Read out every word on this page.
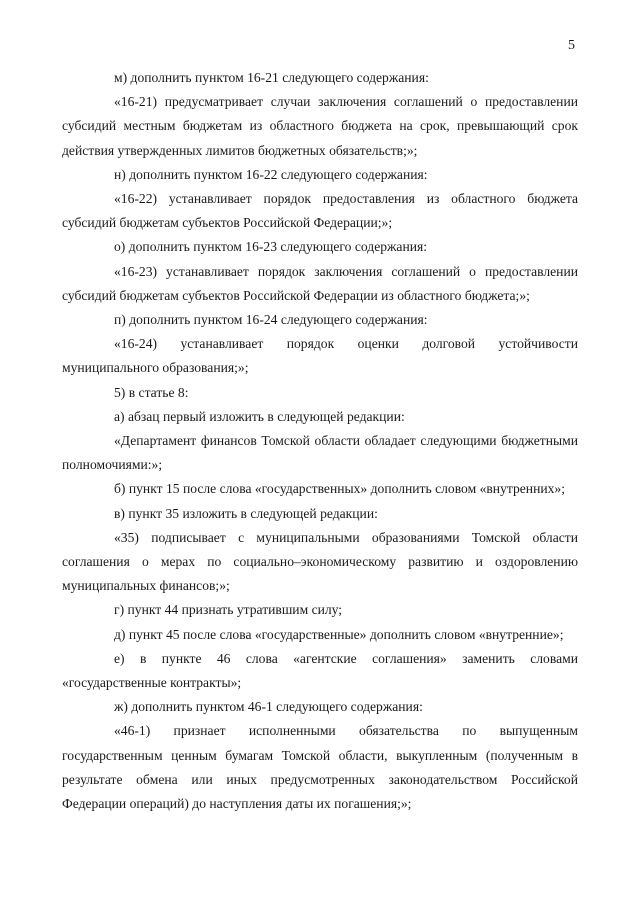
5

м) дополнить пунктом 16-21 следующего содержания:

«16-21) предусматривает случаи заключения соглашений о предоставлении субсидий местным бюджетам из областного бюджета на срок, превышающий срок действия утвержденных лимитов бюджетных обязательств;»;

н) дополнить пунктом 16-22 следующего содержания:

«16-22) устанавливает порядок предоставления из областного бюджета субсидий бюджетам субъектов Российской Федерации;»;

о) дополнить пунктом 16-23 следующего содержания:

«16-23) устанавливает порядок заключения соглашений о предоставлении субсидий бюджетам субъектов Российской Федерации из областного бюджета;»;

п) дополнить пунктом 16-24 следующего содержания:

«16-24) устанавливает порядок оценки долговой устойчивости муниципального образования;»;

5) в статье 8:

а) абзац первый изложить в следующей редакции:

«Департамент финансов Томской области обладает следующими бюджетными полномочиями:»;

б) пункт 15 после слова «государственных» дополнить словом «внутренних»;

в) пункт 35 изложить в следующей редакции:

«35) подписывает с муниципальными образованиями Томской области соглашения о мерах по социально–экономическому развитию и оздоровлению муниципальных финансов;»;

г) пункт 44 признать утратившим силу;

д) пункт 45 после слова «государственные» дополнить словом «внутренние»;

е) в пункте 46 слова «агентские соглашения» заменить словами «государственные контракты»;

ж) дополнить пунктом 46-1 следующего содержания:

«46-1) признает исполненными обязательства по выпущенным государственным ценным бумагам Томской области, выкупленным (полученным в результате обмена или иных предусмотренных законодательством Российской Федерации операций) до наступления даты их погашения;»;
